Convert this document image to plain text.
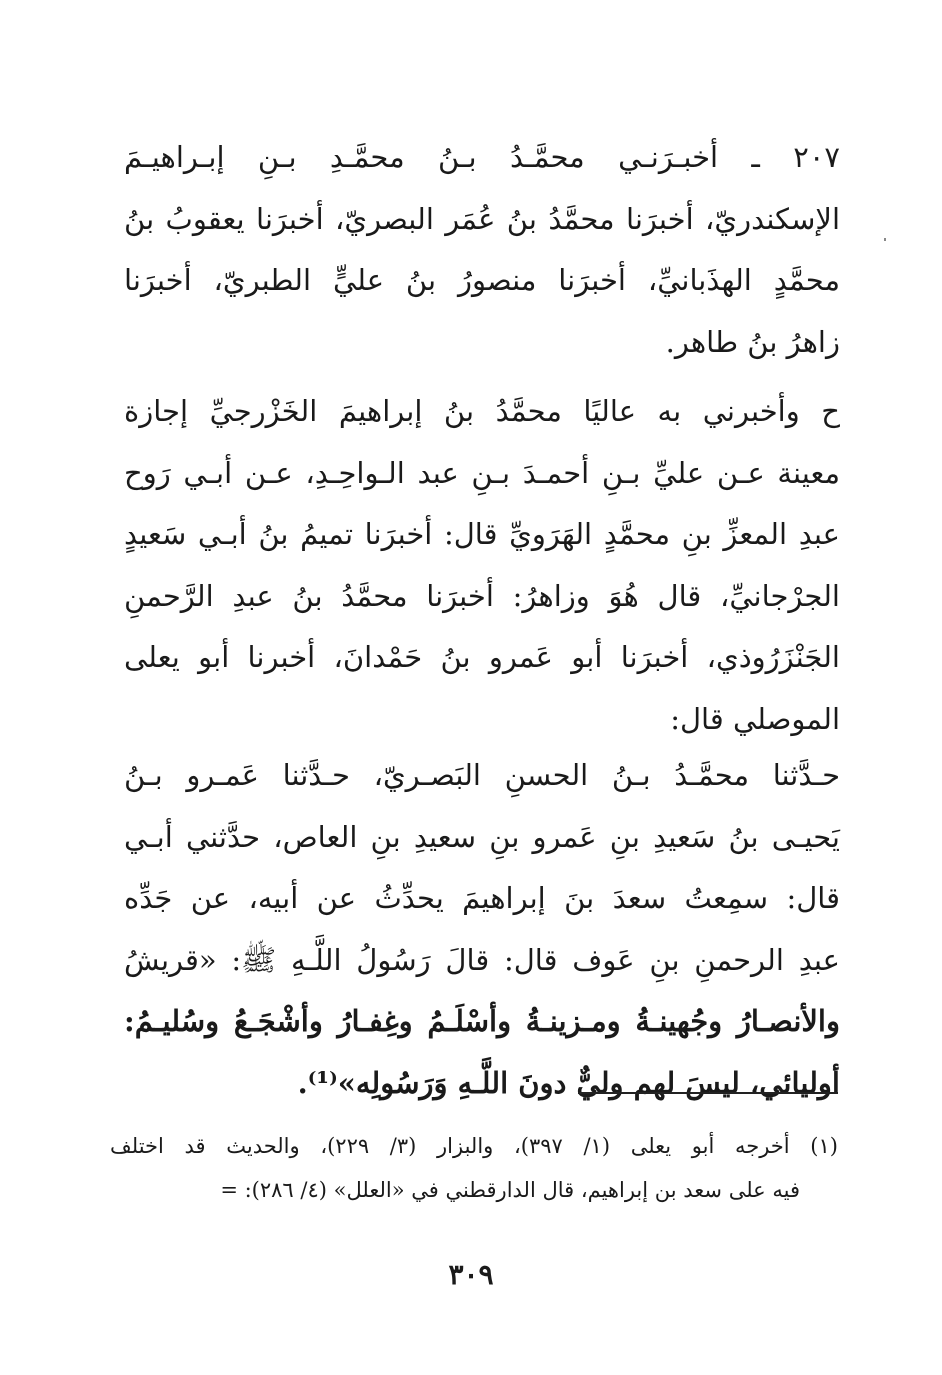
٢٠٧ ـ أخبـرَنـي محمَّـدُ بـنُ محمَّـدِ بـنِ إبـراهيـمَ
الإسكندريّ، أخبرَنا محمَّدُ بنُ عُمَر البصريّ، أخبرَنا يعقوبُ بنُ
محمَّدٍ الهذَبانيِّ، أخبرَنا منصورُ بنُ عليٍّ الطبريّ، أخبرَنا
زاهرُ بنُ طاهر.
ح وأخبرني به عاليًا محمَّدُ بنُ إبراهيمَ الخَزْرجيِّ إجازة
معينة عـن عليِّ بـنِ أحمـدَ بـنِ عبد الـواحِـدِ، عـن أبـي رَوح
عبدِ المعزِّ بنِ محمَّدٍ الهَرَويِّ قال: أخبرَنا تميمُ بنُ أبـي سَعيدٍ
الجرْجانيِّ، قال هُوَ وزاهرُ: أخبرَنا محمَّدُ بنُ عبدِ الرَّحمنِ
الجَنْزَرُوذي، أخبرَنا أبو عَمرو بنُ حَمْدانَ، أخبرنا أبو يعلى
الموصلي قال:
حـدَّثنا محمَّـدُ بـنُ الحسنِ البَصـريّ، حـدَّثنا عَمـرو بـنُ
يَحيـى بنُ سَعيدِ بنِ عَمرو بنِ سعيدِ بنِ العاص، حدَّثني أبـي
قال: سمِعتُ سعدَ بنَ إبراهيمَ يحدِّثُ عن أبيه، عن جَدِّه
عبدِ الرحمنِ بنِ عَوف قال: قالَ رَسُولُ اللَّـهِ ﷺ: «قريشُ
والأنصـارُ وجُهينـةُ ومـزينـةُ وأسْلَـمُ وغِفـارُ وأشْجَـعُ وسُليـمُ:
أوليائي، ليسَ لهم وليٌّ دونَ اللَّـهِ وَرَسُولِه»⁽¹⁾.
(١) أخرجه أبو يعلى (١/ ٣٩٧)، والبزار (٣/ ٢٢٩)، والحديث قد اختلف
فيه على سعد بن إبراهيم، قال الدارقطني في «العلل» (٤/ ٢٨٦): =
٣٠٩
